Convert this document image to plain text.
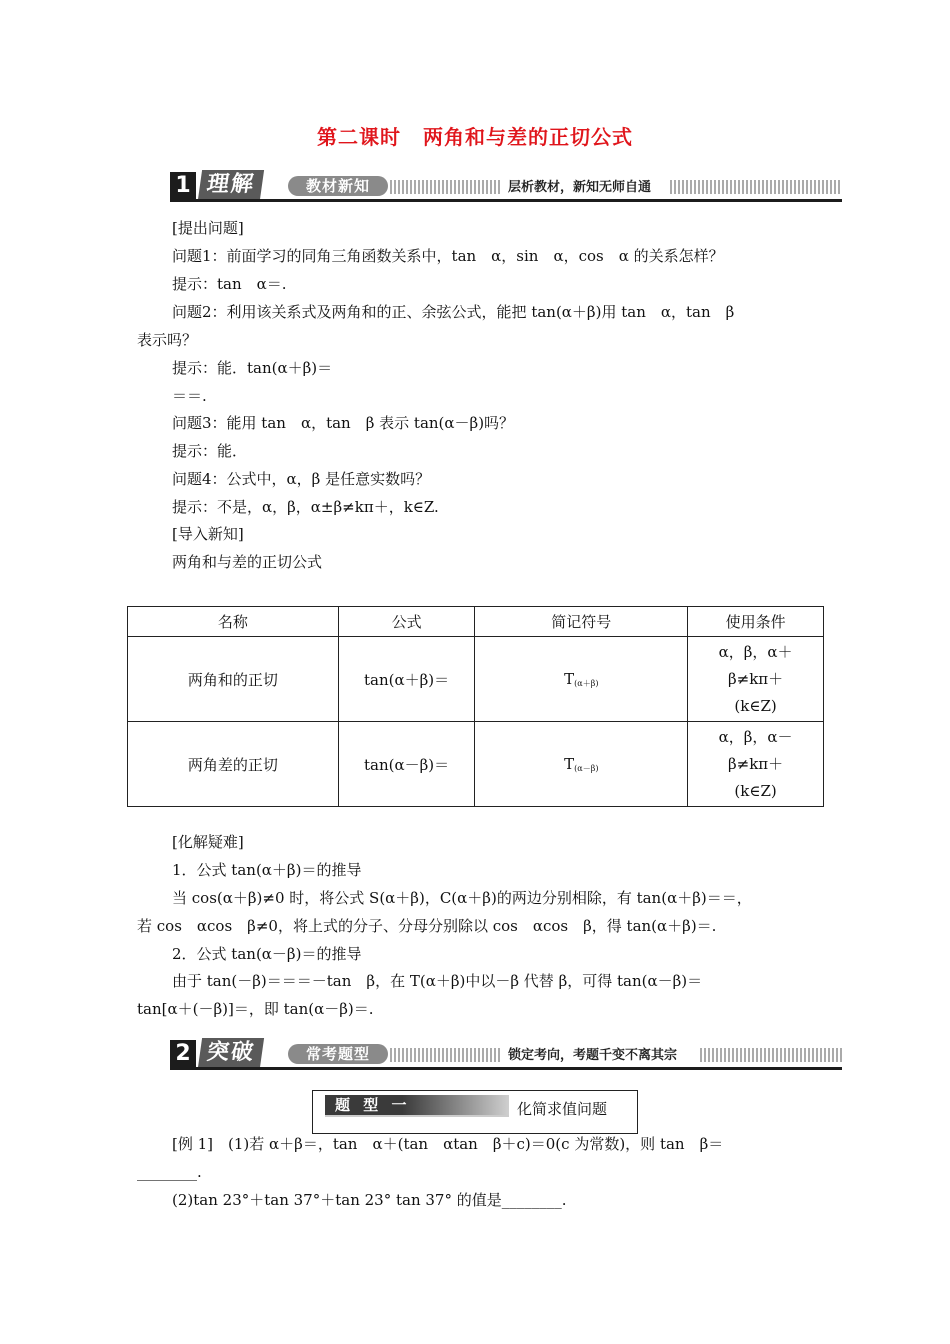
第二课时 两角和与差的正切公式
1 理解	教材新知	层析教材，新知无师自通
[提出问题]
问题1：前面学习的同角三角函数关系中，tan　α，sin　α，cos　α 的关系怎样？
提示：tan　α＝.
问题2：利用该关系式及两角和的正、余弦公式，能把 tan(α＋β)用 tan　α，tan　β
表示吗？
提示：能．tan(α＋β)＝
＝＝.
问题3：能用 tan　α，tan　β 表示 tan(α－β)吗？
提示：能．
问题4：公式中，α，β 是任意实数吗？
提示：不是，α，β，α±β≠kπ＋，k∈Z.
[导入新知]
两角和与差的正切公式
名称	公式	简记符号	使用条件
两角和的正切	tan(α＋β)＝	$T_{(\alpha+\beta)}$	α，β，α＋
β≠kπ＋
(k∈Z)

两角差的正切	tan(α－β)＝	$T_{(\alpha-\beta)}$	α，β，α－
β≠kπ＋
(k∈Z)
[化解疑难]
1．公式 tan(α＋β)＝的推导
当 cos(α＋β)≠0 时，将公式 S(α＋β)，C(α＋β)的两边分别相除，有 tan(α＋β)＝＝，
若 cos　αcos　β≠0，将上式的分子、分母分别除以 cos　αcos　β，得 tan(α＋β)＝.
2．公式 tan(α－β)＝的推导
由于 tan(－β)＝＝＝－tan　β，在 T(α＋β)中以－β 代替 β，可得 tan(α－β)＝
tan[α＋(－β)]＝，即 tan(α－β)＝.
2 突破	常考题型	锁定考向，考题千变不离其宗
题 型 一	化简求值问题
[例 1]　(1)若 α＋β＝，tan　α＋(tan　αtan　β＋c)＝0(c 为常数)，则 tan　β＝
________.
(2)tan 23°＋tan 37°＋tan 23° tan 37° 的值是________.
